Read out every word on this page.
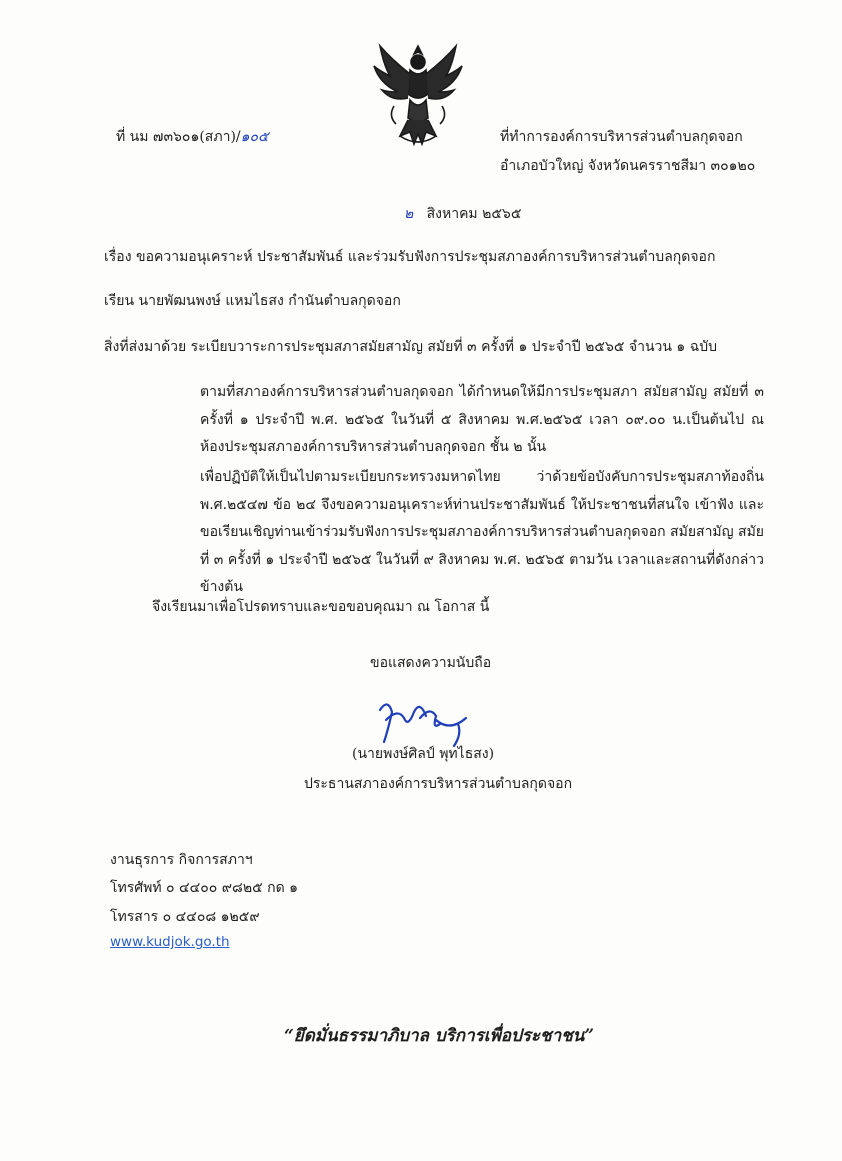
ที่ นม ๗๓๖๐๑(สภา)/๑๐๕	ที่ทำการองค์การบริหารส่วนตำบลกุดจอก
อำเภอบัวใหญ่ จังหวัดนครราชสีมา ๓๐๑๒๐
๒ สิงหาคม ๒๕๖๕
เรื่อง ขอความอนุเคราะห์ ประชาสัมพันธ์ และร่วมรับฟังการประชุมสภาองค์การบริหารส่วนตำบลกุดจอก
เรียน นายพัฒนพงษ์ แหมไธสง กำนันตำบลกุดจอก
สิ่งที่ส่งมาด้วย ระเบียบวาระการประชุมสภาสมัยสามัญ สมัยที่ ๓ ครั้งที่ ๑ ประจำปี ๒๕๖๕ จำนวน ๑ ฉบับ
ตามที่สภาองค์การบริหารส่วนตำบลกุดจอก ได้กำหนดให้มีการประชุมสภา สมัยสามัญ สมัยที่ ๓ ครั้งที่ ๑ ประจำปี พ.ศ. ๒๕๖๕ ในวันที่ ๕ สิงหาคม พ.ศ.๒๕๖๕ เวลา ๐๙.๐๐ น.เป็นต้นไป ณ ห้องประชุมสภาองค์การบริหารส่วนตำบลกุดจอก ชั้น ๒ นั้น
เพื่อปฏิบัติให้เป็นไปตามระเบียบกระทรวงมหาดไทย ว่าด้วยข้อบังคับการประชุมสภาท้องถิ่น พ.ศ.๒๕๔๗ ข้อ ๒๔ จึงขอความอนุเคราะห์ท่านประชาสัมพันธ์ ให้ประชาชนที่สนใจ เข้าฟัง และขอเรียนเชิญท่านเข้าร่วมรับฟังการประชุมสภาองค์การบริหารส่วนตำบลกุดจอก สมัยสามัญ สมัยที่ ๓ ครั้งที่ ๑ ประจำปี ๒๕๖๕ ในวันที่ ๙ สิงหาคม พ.ศ. ๒๕๖๕ ตามวัน เวลาและสถานที่ดังกล่าวข้างต้น
จึงเรียนมาเพื่อโปรดทราบและขอขอบคุณมา ณ โอกาส นี้
ขอแสดงความนับถือ
(นายพงษ์ศิลป์ พุทไธสง)
ประธานสภาองค์การบริหารส่วนตำบลกุดจอก
งานธุรการ กิจการสภาฯ
โทรศัพท์ ๐ ๔๔๐๐ ๙๘๒๕ กด ๑
โทรสาร ๐ ๔๔๐๘ ๑๒๕๙
www.kudjok.go.th
“ยึดมั่นธรรมาภิบาล บริการเพื่อประชาชน”
